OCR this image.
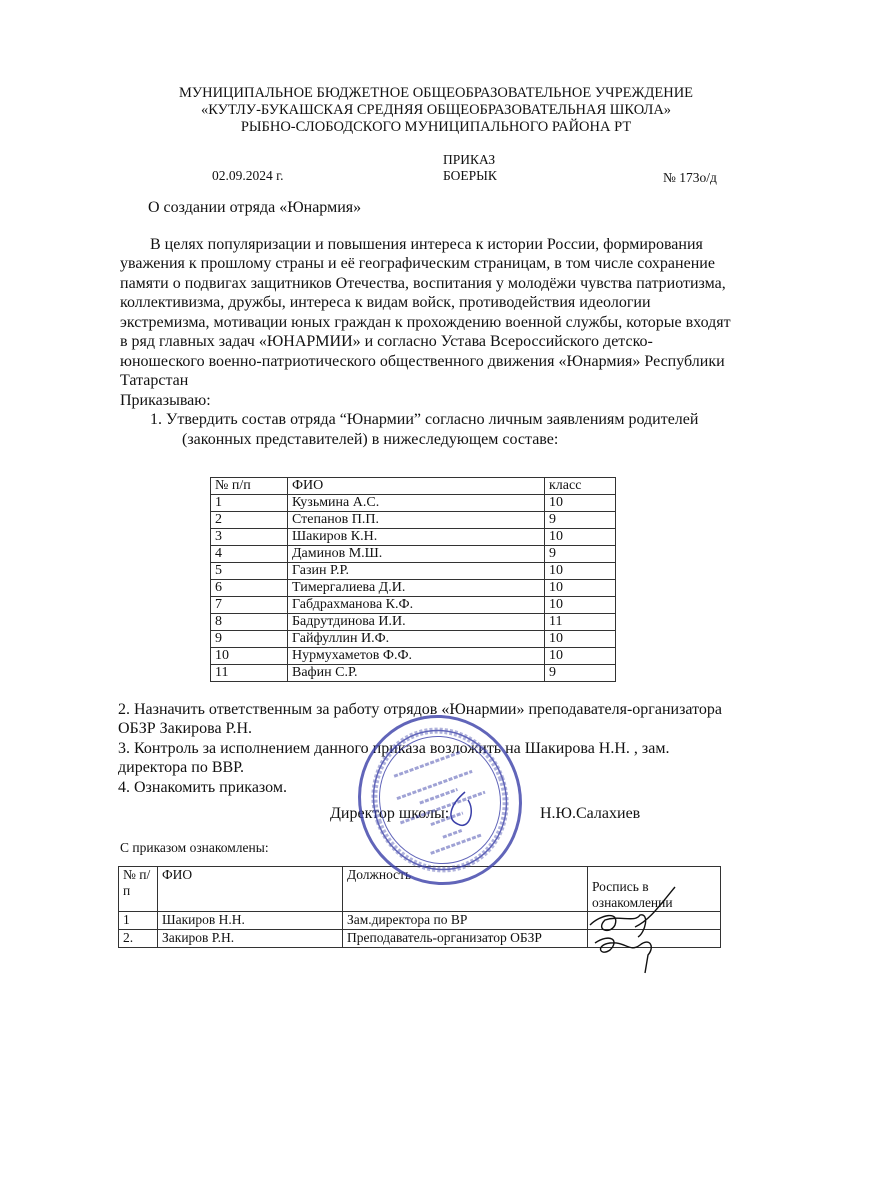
МУНИЦИПАЛЬНОЕ БЮДЖЕТНОЕ ОБЩЕОБРАЗОВАТЕЛЬНОЕ УЧРЕЖДЕНИЕ
«КУТЛУ-БУКАШСКАЯ СРЕДНЯЯ ОБЩЕОБРАЗОВАТЕЛЬНАЯ ШКОЛА»
РЫБНО-СЛОБОДСКОГО МУНИЦИПАЛЬНОГО РАЙОНА РТ
ПРИКАЗ
02.09.2024 г.	БОЕРЫК	№ 173о/д
О создании отряда «Юнармия»
В целях популяризации и повышения интереса к истории России, формирования
уважения к прошлому страны и её географическим страницам, в том числе сохранение
памяти о подвигах защитников Отечества, воспитания у молодёжи чувства патриотизма,
коллективизма, дружбы, интереса к видам войск, противодействия идеологии
экстремизма, мотивации юных граждан к прохождению военной службы, которые входят
в ряд главных задач «ЮНАРМИИ» и согласно Устава Всероссийского детско-
юношеского военно-патриотического общественного движения «Юнармия» Республики
Татарстан
Приказываю:
1. Утвердить состав отряда “Юнармии” согласно личным заявлениям родителей
(законных представителей) в нижеследующем составе:
№ п/п	ФИО	класс
1	Кузьмина А.С.	10
2	Степанов П.П.	9
3	Шакиров К.Н.	10
4	Даминов М.Ш.	9
5	Газин Р.Р.	10
6	Тимергалиева Д.И.	10
7	Габдрахманова К.Ф.	10
8	Бадрутдинова И.И.	11
9	Гайфуллин И.Ф.	10
10	Нурмухаметов Ф.Ф.	10
11	Вафин С.Р.	9
2. Назначить ответственным за работу отрядов «Юнармии» преподавателя-организатора
ОБЗР Закирова Р.Н.
3. Контроль за исполнением данного приказа возложить на Шакирова Н.Н. , зам.
директора по ВВР.
4. Ознакомить приказом.
Директор школы:	Н.Ю.Салахиев
С приказом ознакомлены:
№ п/п	ФИО	Должность	Роспись в ознакомлении
1	Шакиров Н.Н.	Зам.директора по ВР	
2.	Закиров Р.Н.	Преподаватель-организатор ОБЗР	
